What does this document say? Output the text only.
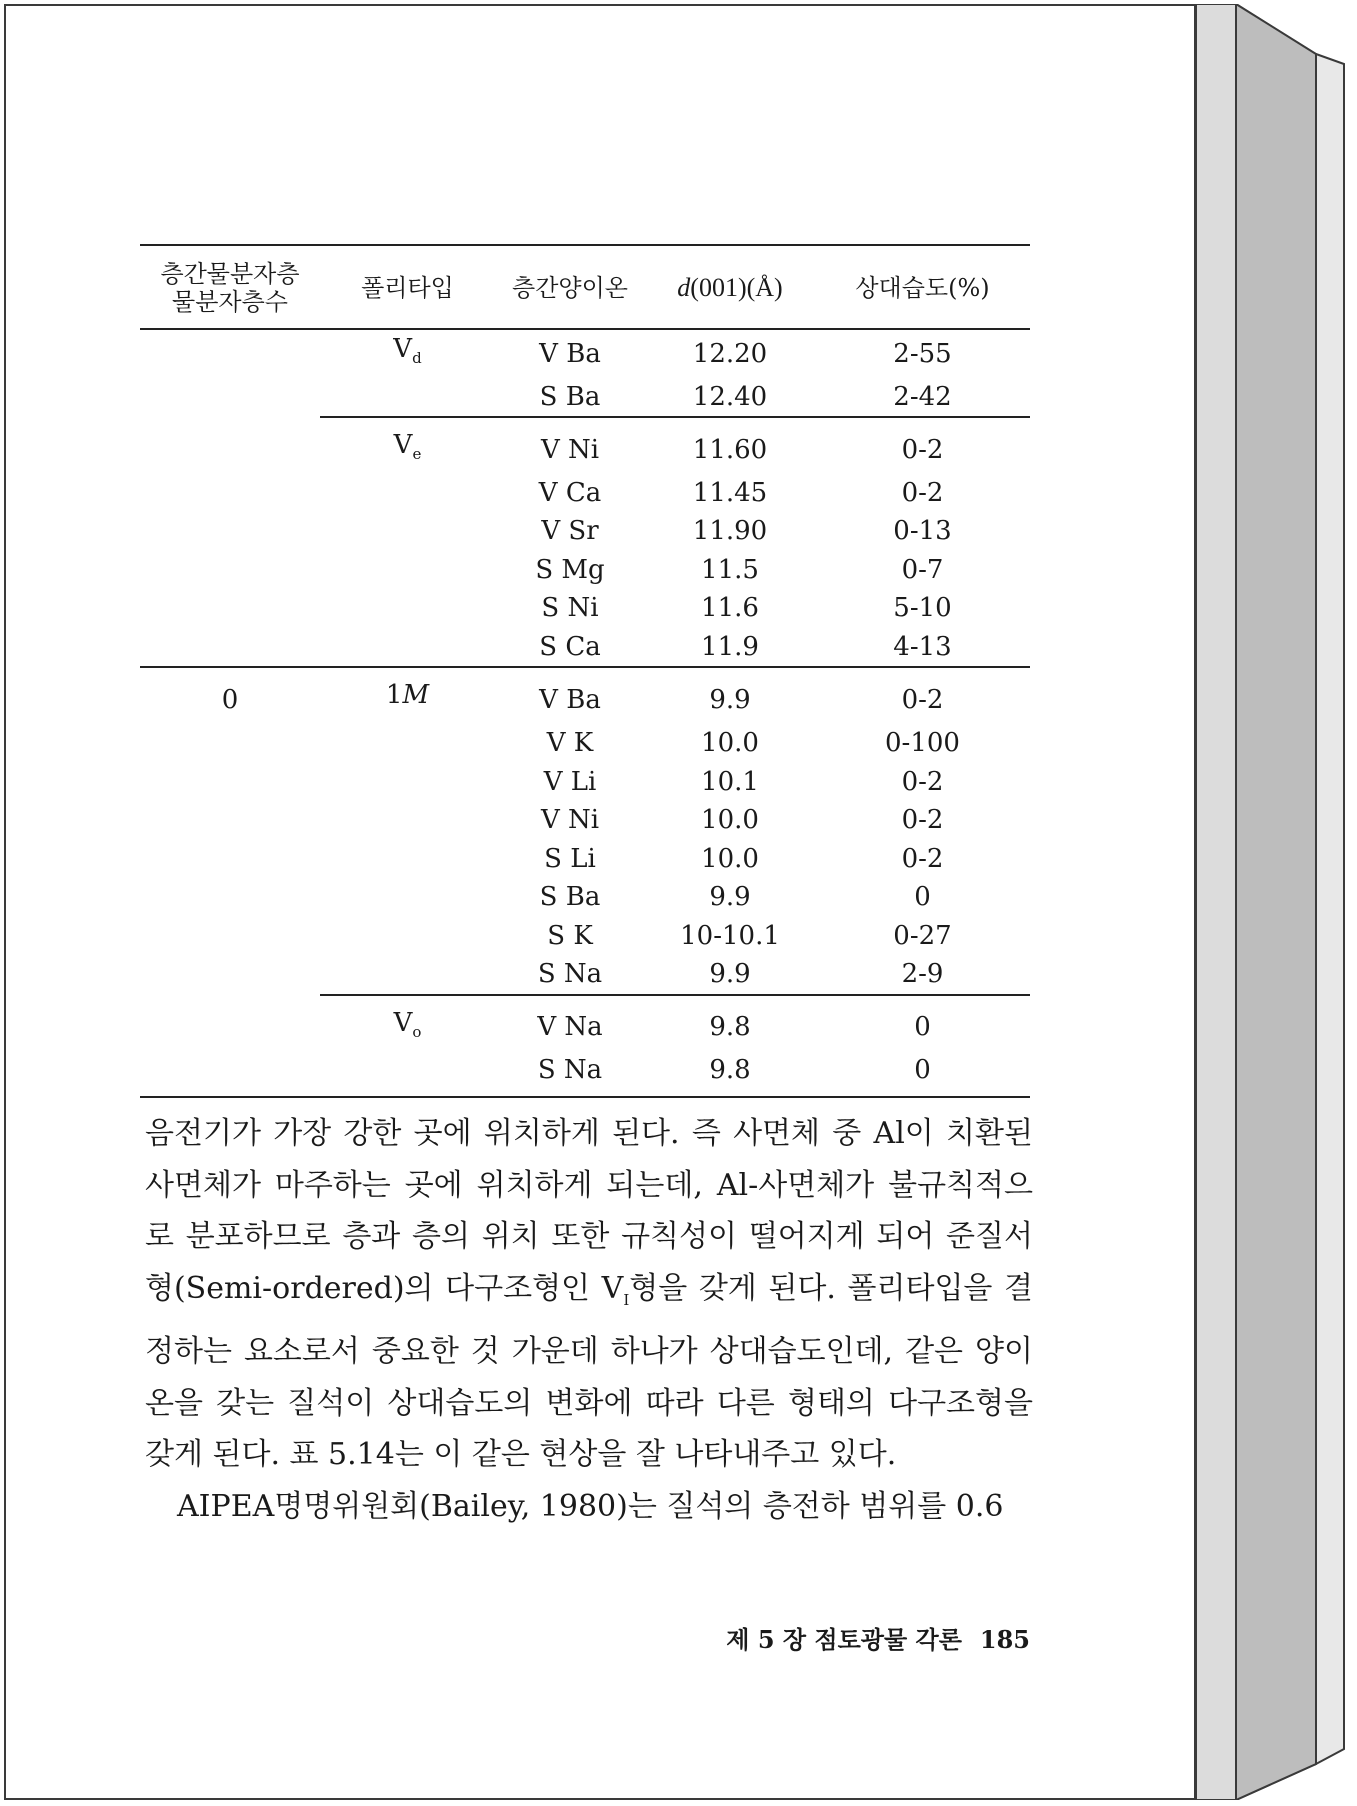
층간물분자층
물분자층수	폴리타입	층간양이온	d(001)(Å)	상대습도(%)
	$V_d$	V Ba	12.20	2-55
		S Ba	12.40	2-42
	$V_e$	V Ni	11.60	0-2
		V Ca	11.45	0-2
		V Sr	11.90	0-13
		S Mg	11.5	0-7
		S Ni	11.6	5-10
		S Ca	11.9	4-13
0	1M	V Ba	9.9	0-2
		V K	10.0	0-100
		V Li	10.1	0-2
		V Ni	10.0	0-2
		S Li	10.0	0-2
		S Ba	9.9	0
		S K	10-10.1	0-27
		S Na	9.9	2-9
	$V_o$	V Na	9.8	0
		S Na	9.8	0

음전기가 가장 강한 곳에 위치하게 된다. 즉 사면체 중 Al이 치환된 사면체가 마주하는 곳에 위치하게 되는데, Al-사면체가 불규칙적으로 분포하므로 층과 층의 위치 또한 규칙성이 떨어지게 되어 준질서형(Semi-ordered)의 다구조형인 $V_I$형을 갖게 된다. 폴리타입을 결정하는 요소로서 중요한 것 가운데 하나가 상대습도인데, 같은 양이온을 갖는 질석이 상대습도의 변화에 따라 다른 형태의 다구조형을 갖게 된다. 표 5.14는 이 같은 현상을 잘 나타내주고 있다.

AIPEA명명위원회(Bailey, 1980)는 질석의 층전하 범위를 0.6

제 5 장 점토광물 각론 185
